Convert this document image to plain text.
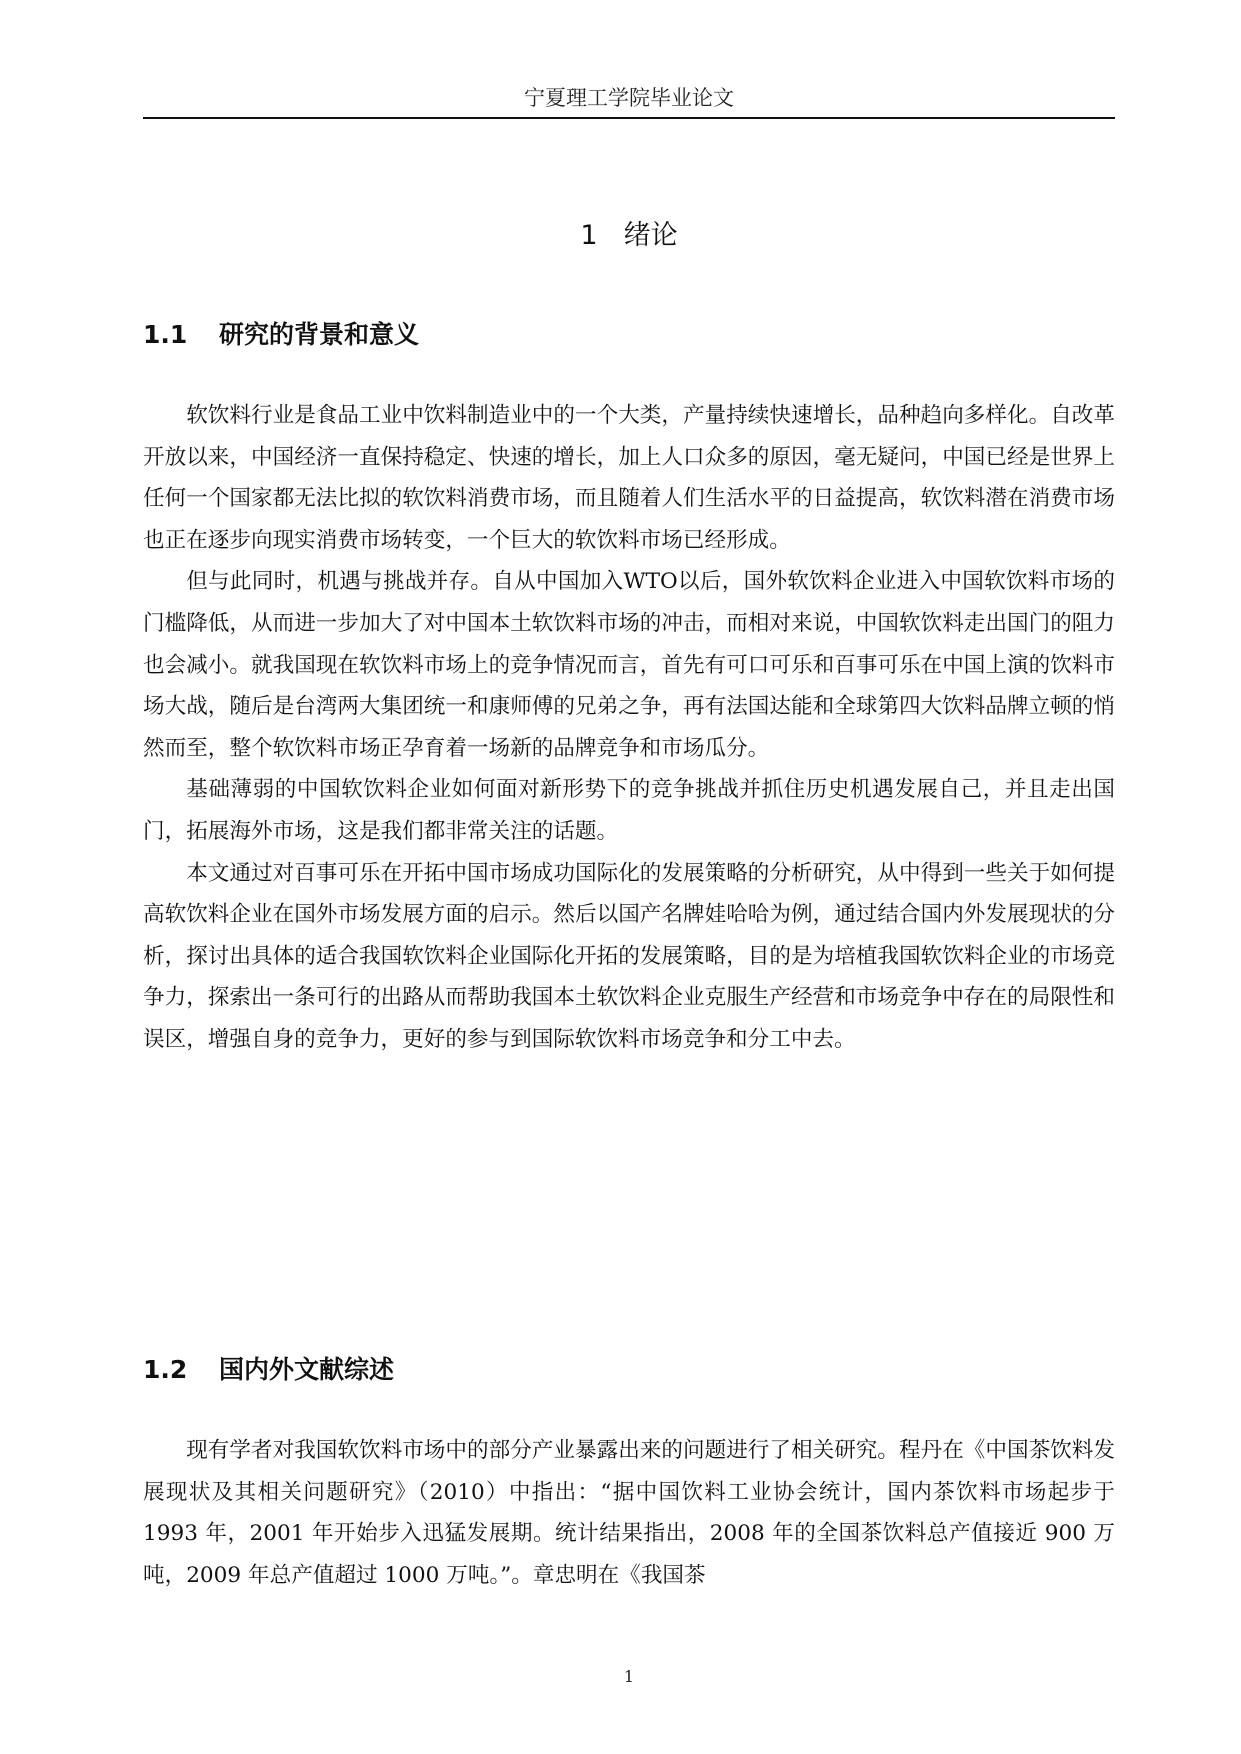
宁夏理工学院毕业论文
1 绪论
1.1 研究的背景和意义

软饮料行业是食品工业中饮料制造业中的一个大类，产量持续快速增长，品种趋向多样化。自改革开放以来，中国经济一直保持稳定、快速的增长，加上人口众多的原因，毫无疑问，中国已经是世界上任何一个国家都无法比拟的软饮料消费市场，而且随着人们生活水平的日益提高，软饮料潜在消费市场也正在逐步向现实消费市场转变，一个巨大的软饮料市场已经形成。

但与此同时，机遇与挑战并存。自从中国加入WTO以后，国外软饮料企业进入中国软饮料市场的门槛降低，从而进一步加大了对中国本土软饮料市场的冲击，而相对来说，中国软饮料走出国门的阻力也会减小。就我国现在软饮料市场上的竞争情况而言，首先有可口可乐和百事可乐在中国上演的饮料市场大战，随后是台湾两大集团统一和康师傅的兄弟之争，再有法国达能和全球第四大饮料品牌立顿的悄然而至，整个软饮料市场正孕育着一场新的品牌竞争和市场瓜分。

基础薄弱的中国软饮料企业如何面对新形势下的竞争挑战并抓住历史机遇发展自己，并且走出国门，拓展海外市场，这是我们都非常关注的话题。

本文通过对百事可乐在开拓中国市场成功国际化的发展策略的分析研究，从中得到一些关于如何提高软饮料企业在国外市场发展方面的启示。然后以国产名牌娃哈哈为例，通过结合国内外发展现状的分析，探讨出具体的适合我国软饮料企业国际化开拓的发展策略，目的是为培植我国软饮料企业的市场竞争力，探索出一条可行的出路从而帮助我国本土软饮料企业克服生产经营和市场竞争中存在的局限性和误区，增强自身的竞争力，更好的参与到国际软饮料市场竞争和分工中去。

1.2 国内外文献综述

现有学者对我国软饮料市场中的部分产业暴露出来的问题进行了相关研究。程丹在《中国茶饮料发展现状及其相关问题研究》（2010）中指出：“据中国饮料工业协会统计，国内茶饮料市场起步于 1993 年，2001 年开始步入迅猛发展期。统计结果指出，2008 年的全国茶饮料总产值接近 900 万吨，2009 年总产值超过 1000 万吨。”。章忠明在《我国茶

1
